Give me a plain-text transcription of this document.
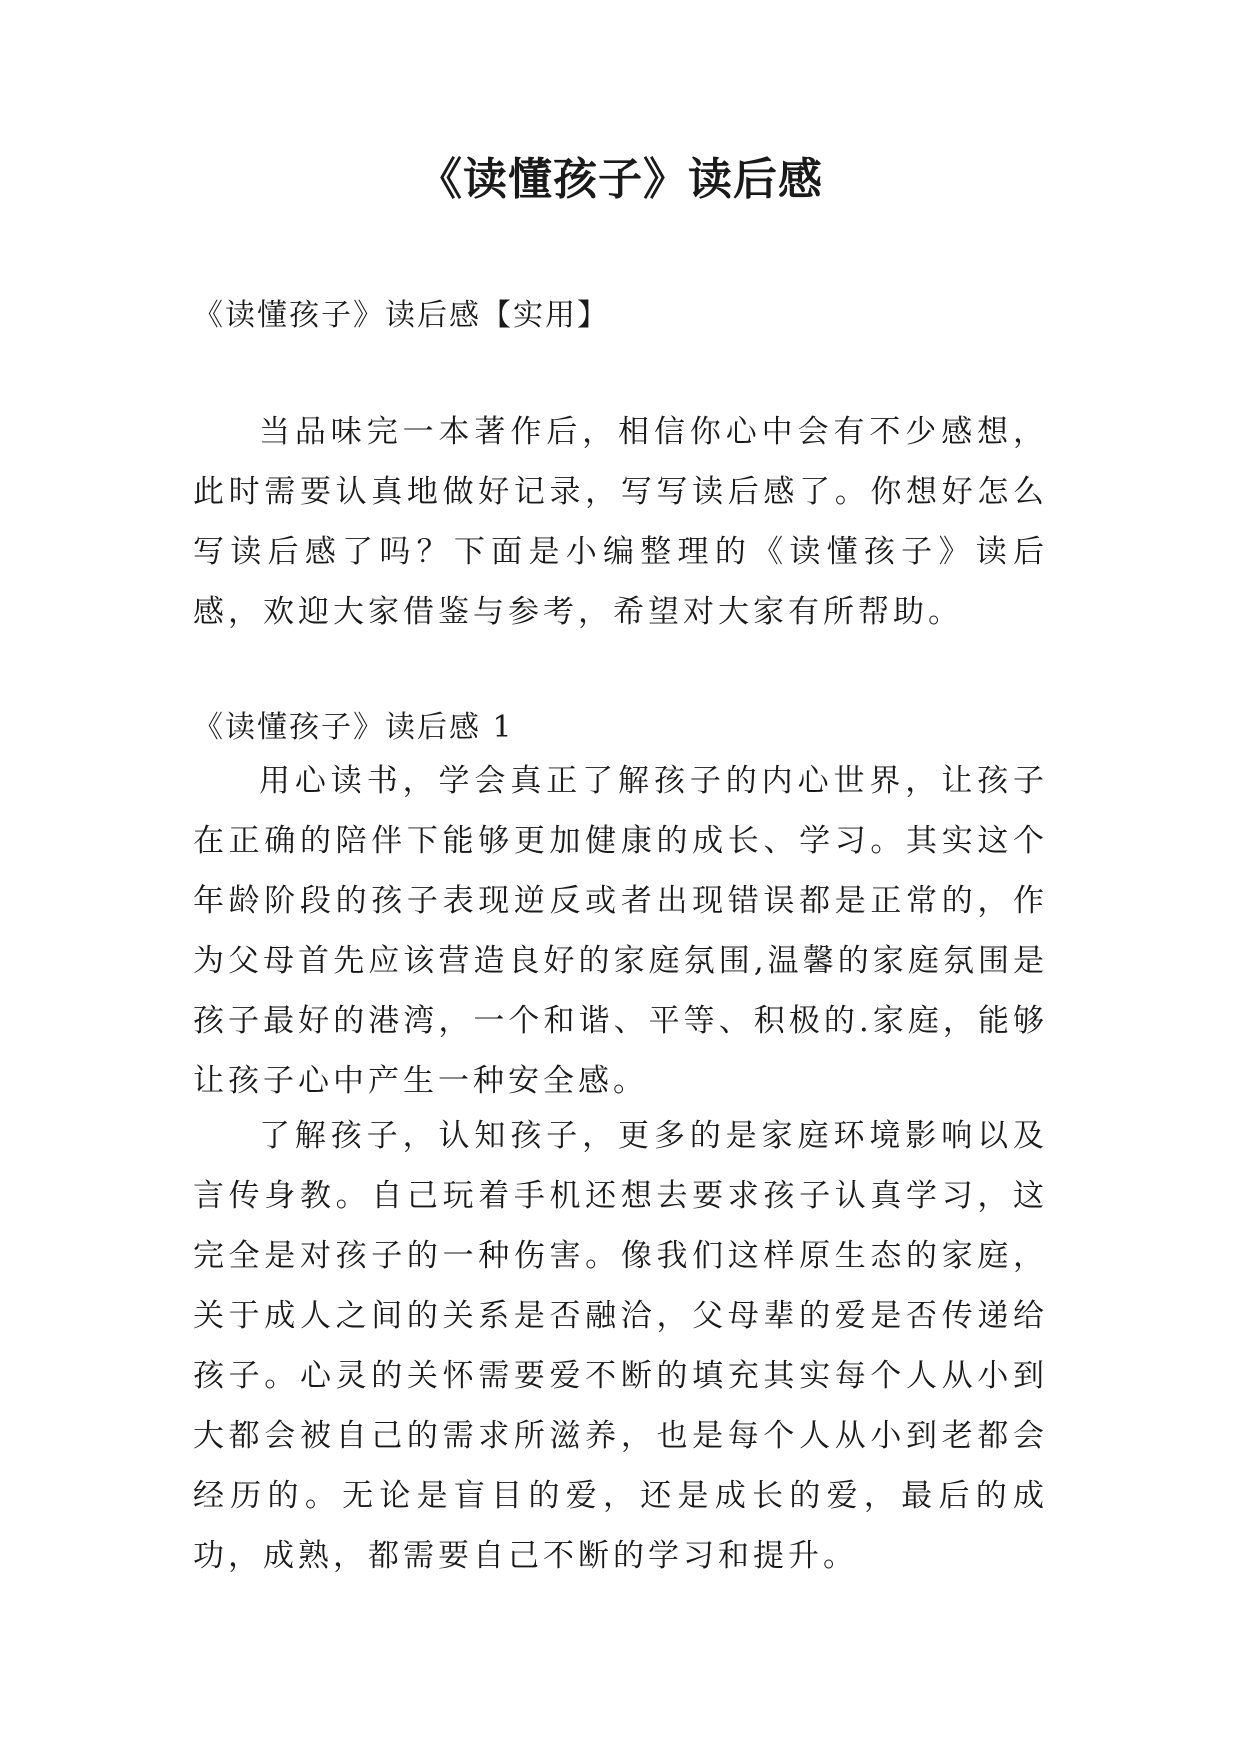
《读懂孩子》读后感
《读懂孩子》读后感【实用】

当品味完一本著作后，相信你心中会有不少感想，此时需要认真地做好记录，写写读后感了。你想好怎么写读后感了吗？下面是小编整理的《读懂孩子》读后感，欢迎大家借鉴与参考，希望对大家有所帮助。

《读懂孩子》读后感 1

用心读书，学会真正了解孩子的内心世界，让孩子在正确的陪伴下能够更加健康的成长、学习。其实这个年龄阶段的孩子表现逆反或者出现错误都是正常的，作为父母首先应该营造良好的家庭氛围,温馨的家庭氛围是孩子最好的港湾，一个和谐、平等、积极的.家庭，能够让孩子心中产生一种安全感。

了解孩子，认知孩子，更多的是家庭环境影响以及言传身教。自己玩着手机还想去要求孩子认真学习，这完全是对孩子的一种伤害。像我们这样原生态的家庭，关于成人之间的关系是否融洽，父母辈的爱是否传递给孩子。心灵的关怀需要爱不断的填充其实每个人从小到大都会被自己的需求所滋养，也是每个人从小到老都会经历的。无论是盲目的爱，还是成长的爱，最后的成功，成熟，都需要自己不断的学习和提升。
